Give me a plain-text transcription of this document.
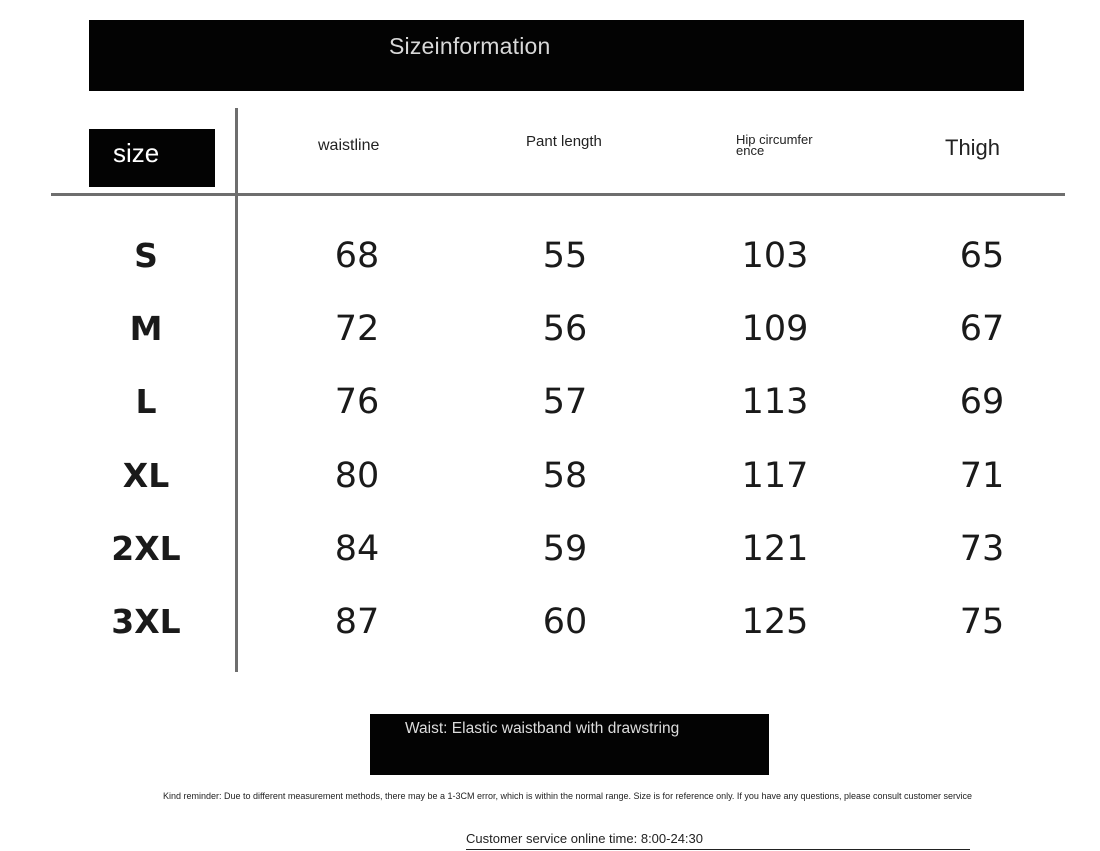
Sizeinformation
size	waistline	Pant length	Hip circumference	Thigh
S	68	55	103	65
M	72	56	109	67
L	76	57	113	69
XL	80	58	117	71
2XL	84	59	121	73
3XL	87	60	125	75
Waist: Elastic waistband with drawstring
Kind reminder: Due to different measurement methods, there may be a 1-3CM error, which is within the normal range. Size is for reference only. If you have any questions, please consult customer service
Customer service online time: 8:00-24:30
